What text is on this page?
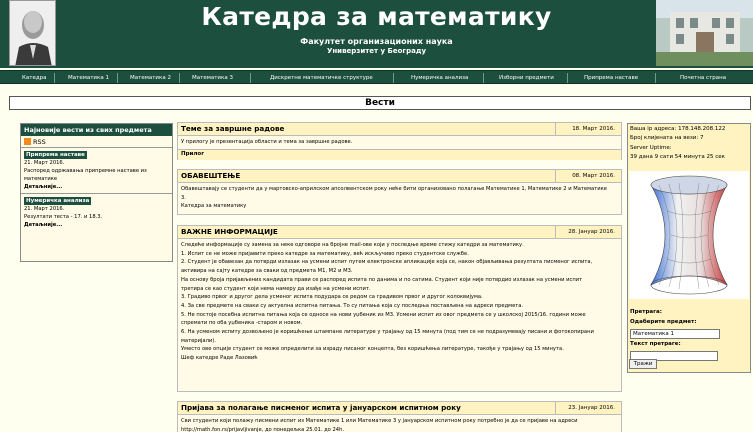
Катедра за математику
Факултет организационих наука
Универзитет у Београду
Катедра	Математика 1	Математика 2	Математика 3	Дискретне математичке структуре	Нумеричка анализа	Изборни предмети	Припрема наставе	Почетна страна
Вести
Најновије вести из свих предмета
RSS
Припрема наставе
21. Март 2016.
Распоред одржавања припремне наставе из математике
Детаљније...
Нумеричка анализа
21. Март 2016.
Резултати теста - 17. и 18.3.
Детаљније...
Теме за завршне радове	18. Март 2016.
У прилогу је презентација области и тема за завршне радове.
Прилог
ОБАВЕШТЕЊЕ	08. Март 2016.
Обавештавају се студенти да у мартовско-априлском апсолвентском року неће бити организовано полагање Математике 1, Математике 2 и Математике
3.
Катедра за математику
ВАЖНЕ ИНФОРМАЦИЈЕ	28. Јануар 2016.
Следеће информације су замена за неке одговоре на бројне mail-ове који у последње време стижу катедри за математику.
1. Испит се не може пријавити преко катедре за математику, већ искључиво преко студентске службе.
2. Студент је обавезан да потврди излазак на усмени испит путем електронске апликације која се, након објављивања резултата писменог испита,
активира на сајту катедре за сваки од предмета М1, М2 и М3.
На основу броја пријављених кандидата прави се распоред испита по данима и по сатима. Студент који није потврдио излазак на усмени испит
третира се као студент који нема намеру да изађе на усмени испит.
3. Градиво првог и другог дела усменог испита подудара се редом са градивом првог и другог колоквијума.
4. За све предмете на сваки су актуелна испитна питања. То су питања која су последња постављена на адреси предмета.
5. Не постоје посебна испитна питања која се односе на нови уџбеник из М3. Усмени испит из овог предмета се у школској 2015/16. години може
спремати по оба уџбеника -старом и новом.
6. На усменом испиту дозвољено је коришћење штампане литературе у трајању од 15 минута (под тим се не подразумевају писани и фотокопирани
материјали).
Уместо ове опције студент се може определити за израду писаног концепта, без коришћења литературе, такође у трајању од 15 минута.
Шеф катедре Раде Лазовић
Пријава за полагање писменог испита у јануарском испитном року	23. Јануар 2016.
Сви студенти који полажу писмени испит из Математике 1 или Математике 3 у јануарском испитном року потребно је да се пријаве на адреси
http://math.fon.rs/prijavljivanje, до понедељка 25.01. до 24h.
Ваша ip адреса: 178.148.208.122
Број клијената на вези: 7
Server Uptime:
39 дана 9 сати 54 минута 25 сек
Претрага:
Одаберите предмет:
Математика 1
Текст претраге:
Тражи
